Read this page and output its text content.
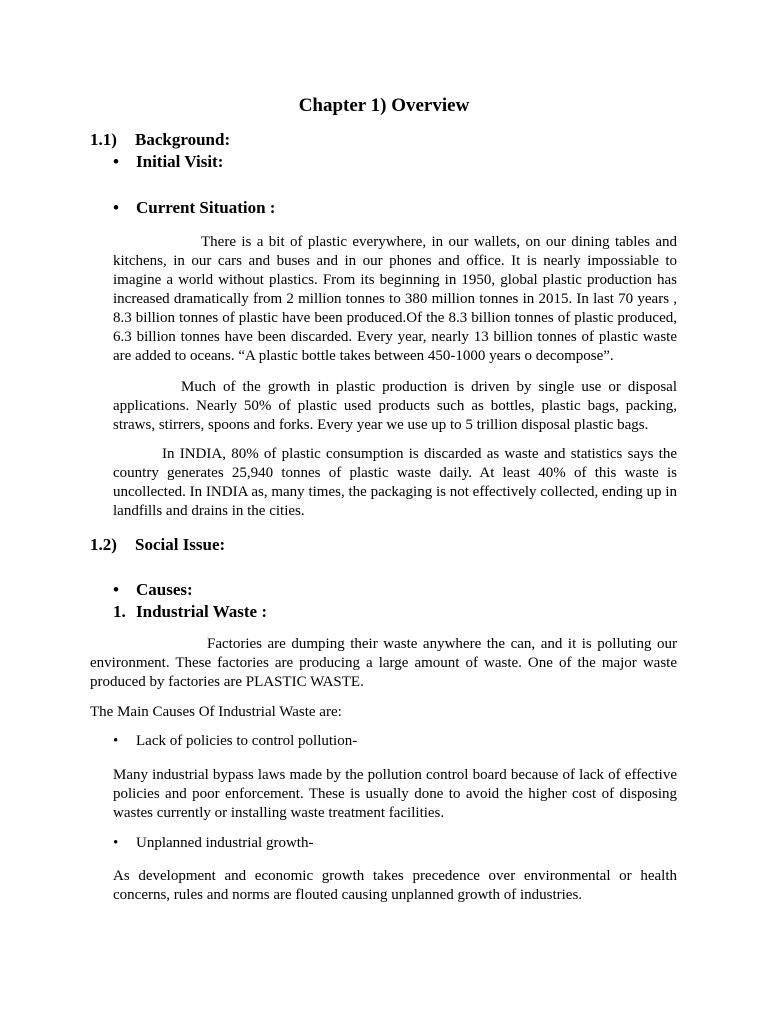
Chapter 1) Overview
1.1) Background:
• Initial Visit:
• Current Situation :

There is a bit of plastic everywhere, in our wallets, on our dining tables and kitchens, in our cars and buses and in our phones and office. It is nearly impossiable to imagine a world without plastics. From its beginning in 1950, global plastic production has increased dramatically from 2 million tonnes to 380 million tonnes in 2015. In last 70 years , 8.3 billion tonnes of plastic have been produced.Of the 8.3 billion tonnes of plastic produced, 6.3 billion tonnes have been discarded. Every year, nearly 13 billion tonnes of plastic waste are added to oceans. “A plastic bottle takes between 450-1000 years o decompose”.

Much of the growth in plastic production is driven by single use or disposal applications. Nearly 50% of plastic used products such as bottles, plastic bags, packing, straws, stirrers, spoons and forks. Every year we use up to 5 trillion disposal plastic bags.

In INDIA, 80% of plastic consumption is discarded as waste and statistics says the country generates 25,940 tonnes of plastic waste daily. At least 40% of this waste is uncollected. In INDIA as, many times, the packaging is not effectively collected, ending up in landfills and drains in the cities.

1.2) Social Issue:
• Causes:
1. Industrial Waste :

Factories are dumping their waste anywhere the can, and it is polluting our environment. These factories are producing a large amount of waste. One of the major waste produced by factories are PLASTIC WASTE.

The Main Causes Of Industrial Waste are:

• Lack of policies to control pollution-

Many industrial bypass laws made by the pollution control board because of lack of effective policies and poor enforcement. These is usually done to avoid the higher cost of disposing wastes currently or installing waste treatment facilities.

• Unplanned industrial growth-

As development and economic growth takes precedence over environmental or health concerns, rules and norms are flouted causing unplanned growth of industries.
